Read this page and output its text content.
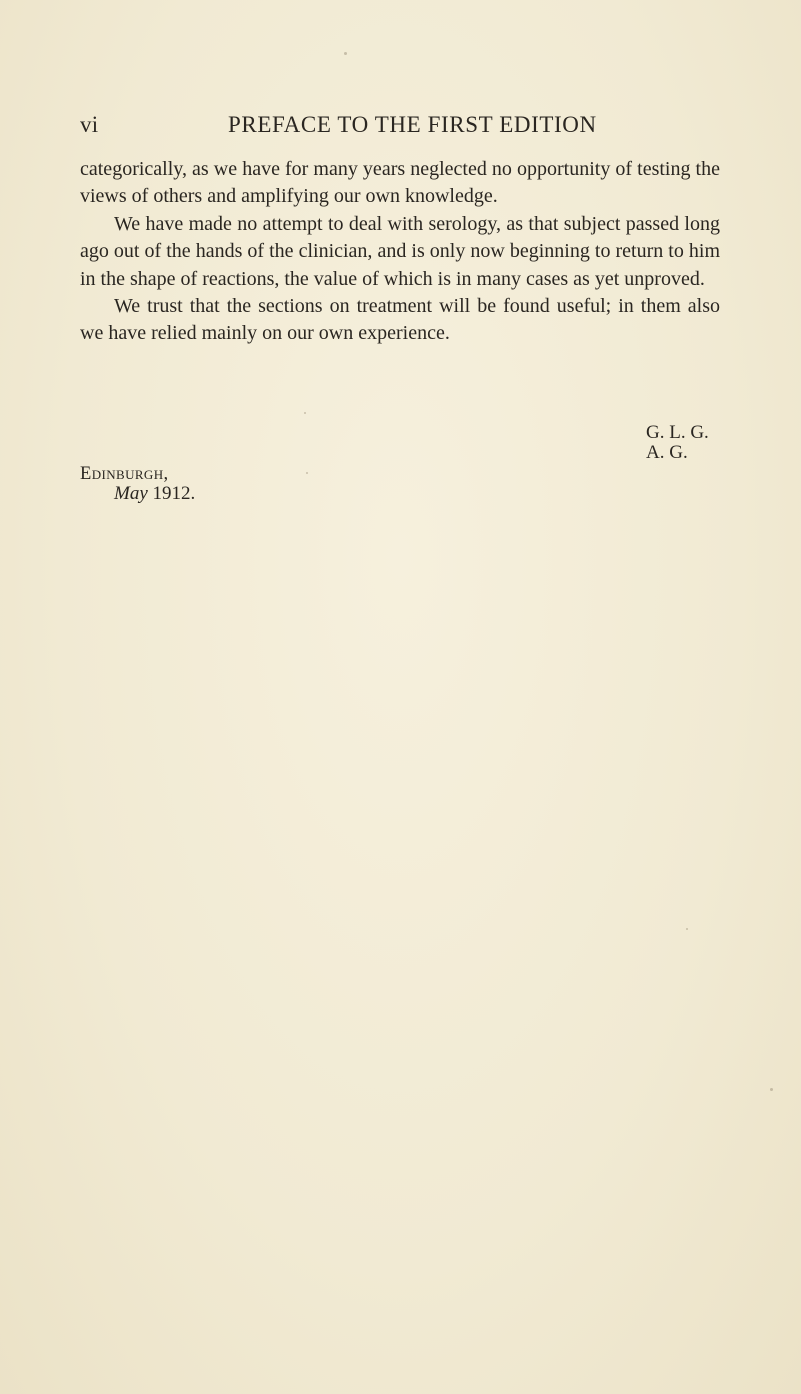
vi	PREFACE TO THE FIRST EDITION

categorically, as we have for many years neglected no opportunity of testing the views of others and amplifying our own knowledge.

We have made no attempt to deal with serology, as that subject passed long ago out of the hands of the clinician, and is only now beginning to return to him in the shape of reactions, the value of which is in many cases as yet unproved.

We trust that the sections on treatment will be found useful; in them also we have relied mainly on our own experience.

G. L. G.
A. G.
Edinburgh,
May 1912.
